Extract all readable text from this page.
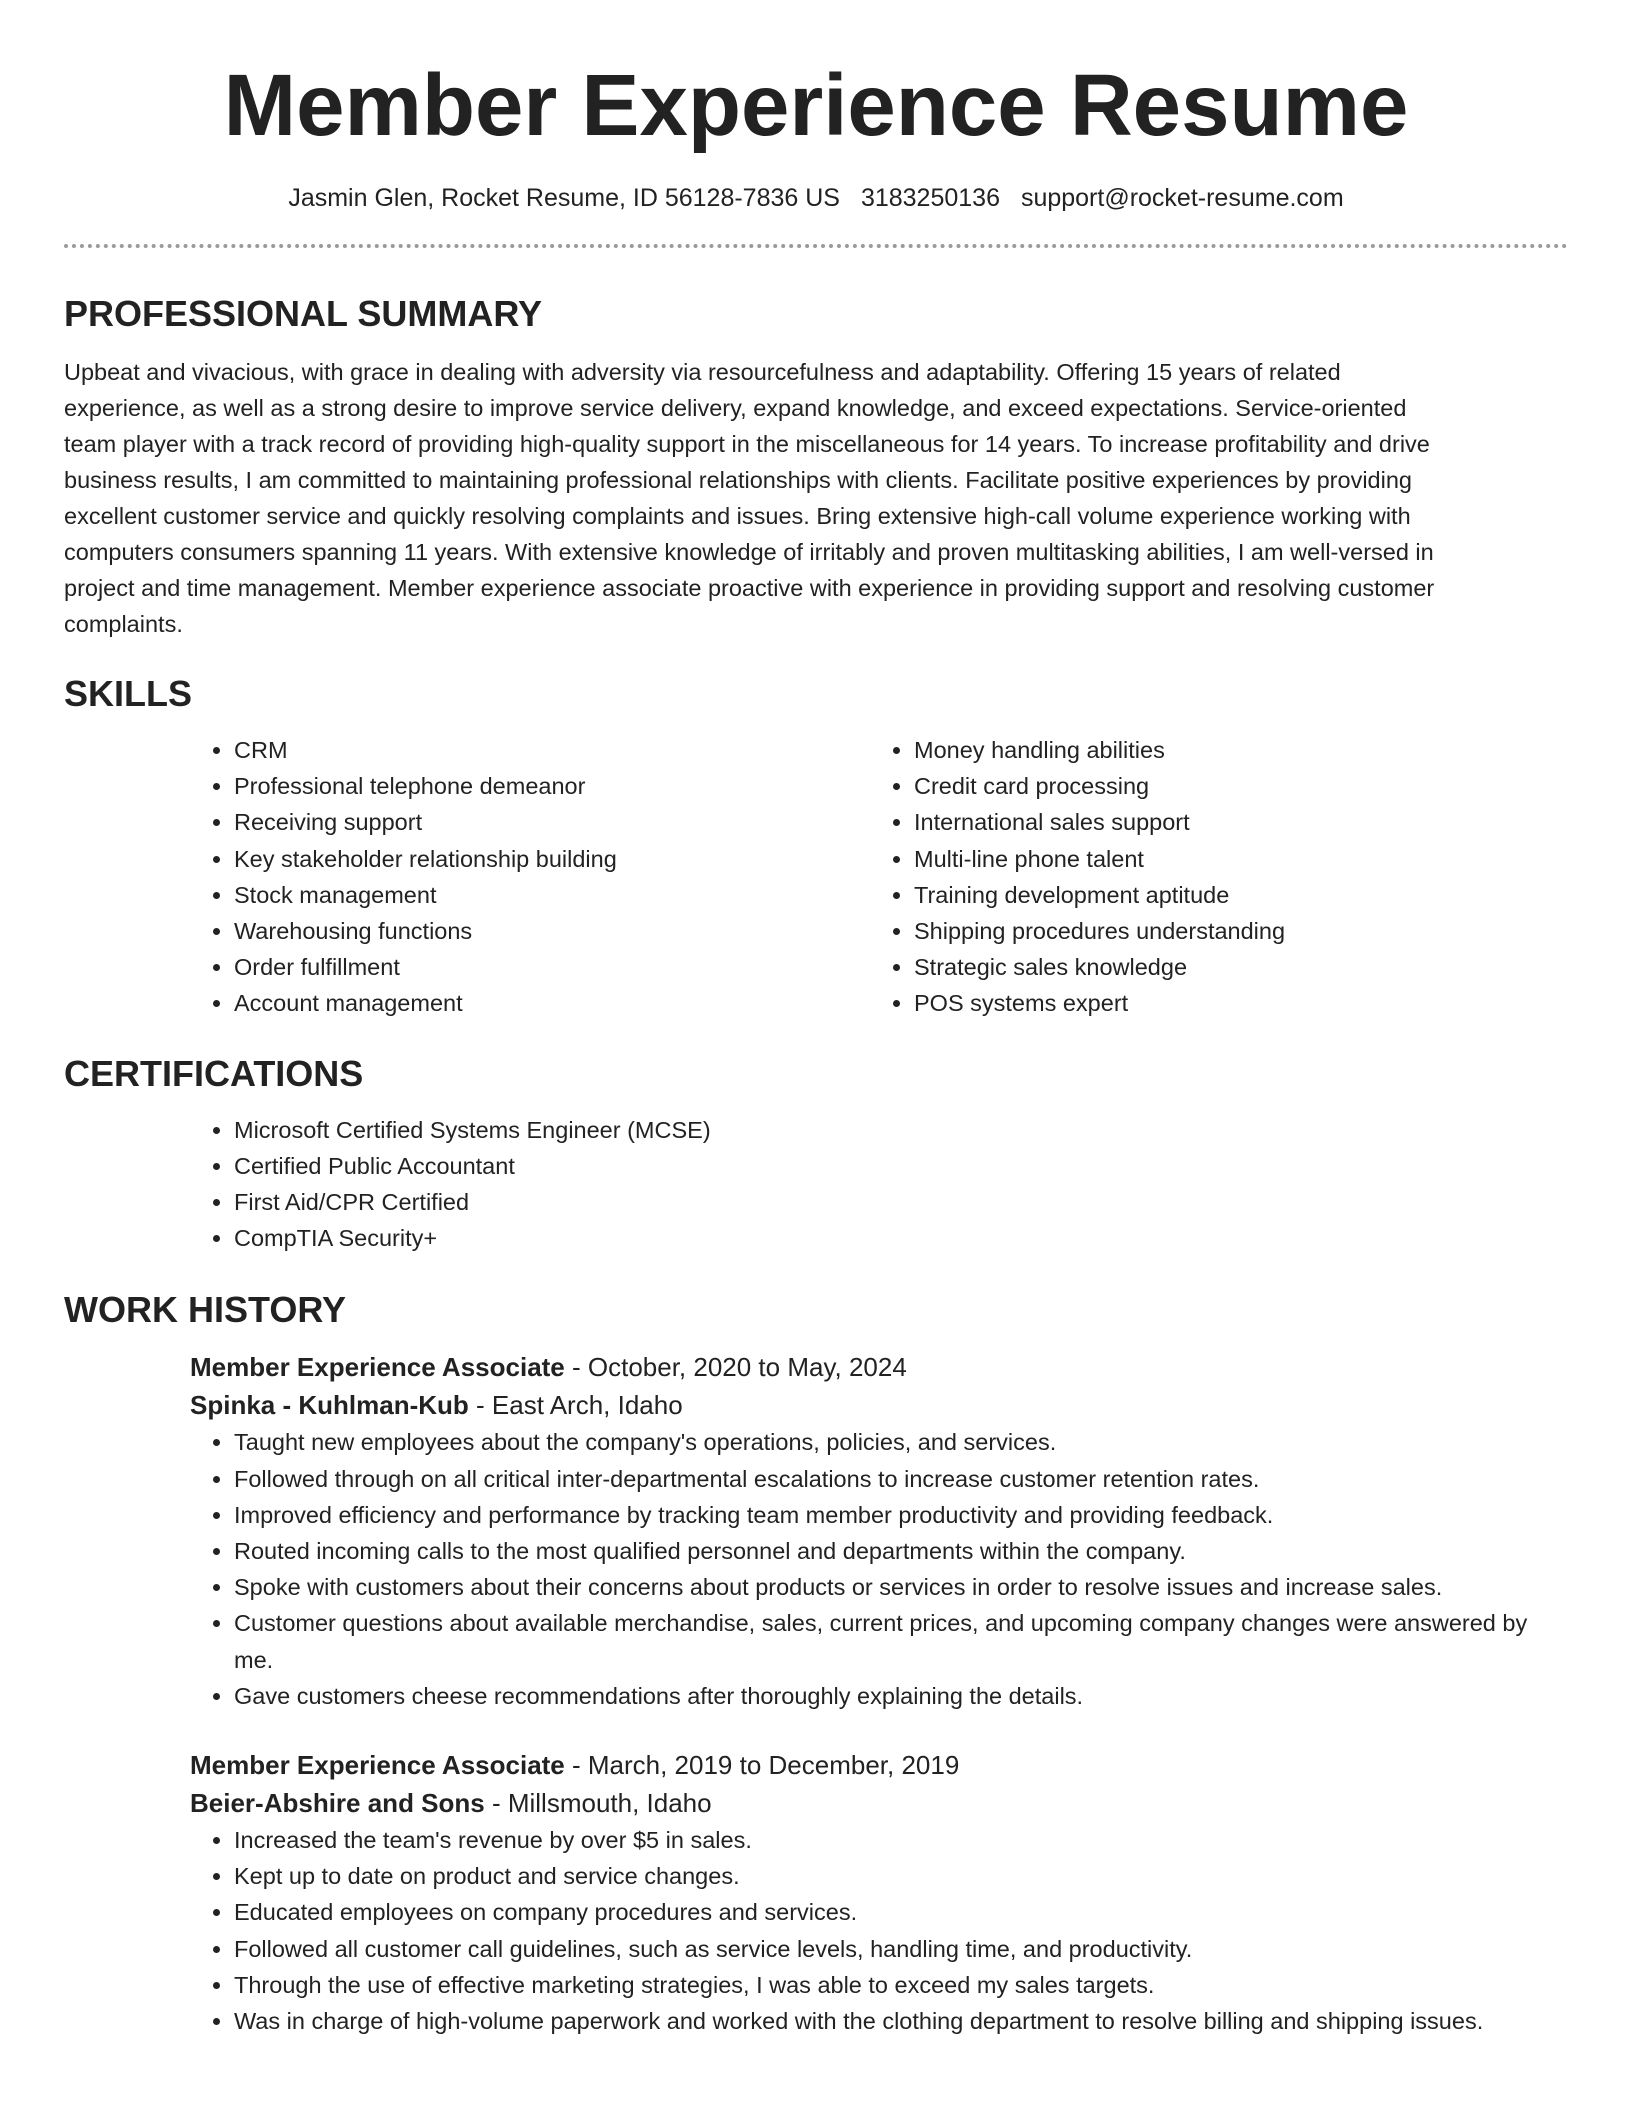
Member Experience Resume
Jasmin Glen, Rocket Resume, ID 56128-7836 US 3183250136 support@rocket-resume.com
PROFESSIONAL SUMMARY

Upbeat and vivacious, with grace in dealing with adversity via resourcefulness and adaptability. Offering 15 years of related experience, as well as a strong desire to improve service delivery, expand knowledge, and exceed expectations. Service-oriented team player with a track record of providing high-quality support in the miscellaneous for 14 years. To increase profitability and drive business results, I am committed to maintaining professional relationships with clients. Facilitate positive experiences by providing excellent customer service and quickly resolving complaints and issues. Bring extensive high-call volume experience working with computers consumers spanning 11 years. With extensive knowledge of irritably and proven multitasking abilities, I am well-versed in project and time management. Member experience associate proactive with experience in providing support and resolving customer complaints.

SKILLS
• CRM
• Professional telephone demeanor
• Receiving support
• Key stakeholder relationship building
• Stock management
• Warehousing functions
• Order fulfillment
• Account management
• Money handling abilities
• Credit card processing
• International sales support
• Multi-line phone talent
• Training development aptitude
• Shipping procedures understanding
• Strategic sales knowledge
• POS systems expert
CERTIFICATIONS
• Microsoft Certified Systems Engineer (MCSE)
• Certified Public Accountant
• First Aid/CPR Certified
• CompTIA Security+
WORK HISTORY
Member Experience Associate - October, 2020 to May, 2024
Spinka - Kuhlman-Kub - East Arch, Idaho
• Taught new employees about the company's operations, policies, and services.
• Followed through on all critical inter-departmental escalations to increase customer retention rates.
• Improved efficiency and performance by tracking team member productivity and providing feedback.
• Routed incoming calls to the most qualified personnel and departments within the company.
• Spoke with customers about their concerns about products or services in order to resolve issues and increase sales.
• Customer questions about available merchandise, sales, current prices, and upcoming company changes were answered by me.
• Gave customers cheese recommendations after thoroughly explaining the details.
Member Experience Associate - March, 2019 to December, 2019
Beier-Abshire and Sons - Millsmouth, Idaho
• Increased the team's revenue by over $5 in sales.
• Kept up to date on product and service changes.
• Educated employees on company procedures and services.
• Followed all customer call guidelines, such as service levels, handling time, and productivity.
• Through the use of effective marketing strategies, I was able to exceed my sales targets.
• Was in charge of high-volume paperwork and worked with the clothing department to resolve billing and shipping issues.
